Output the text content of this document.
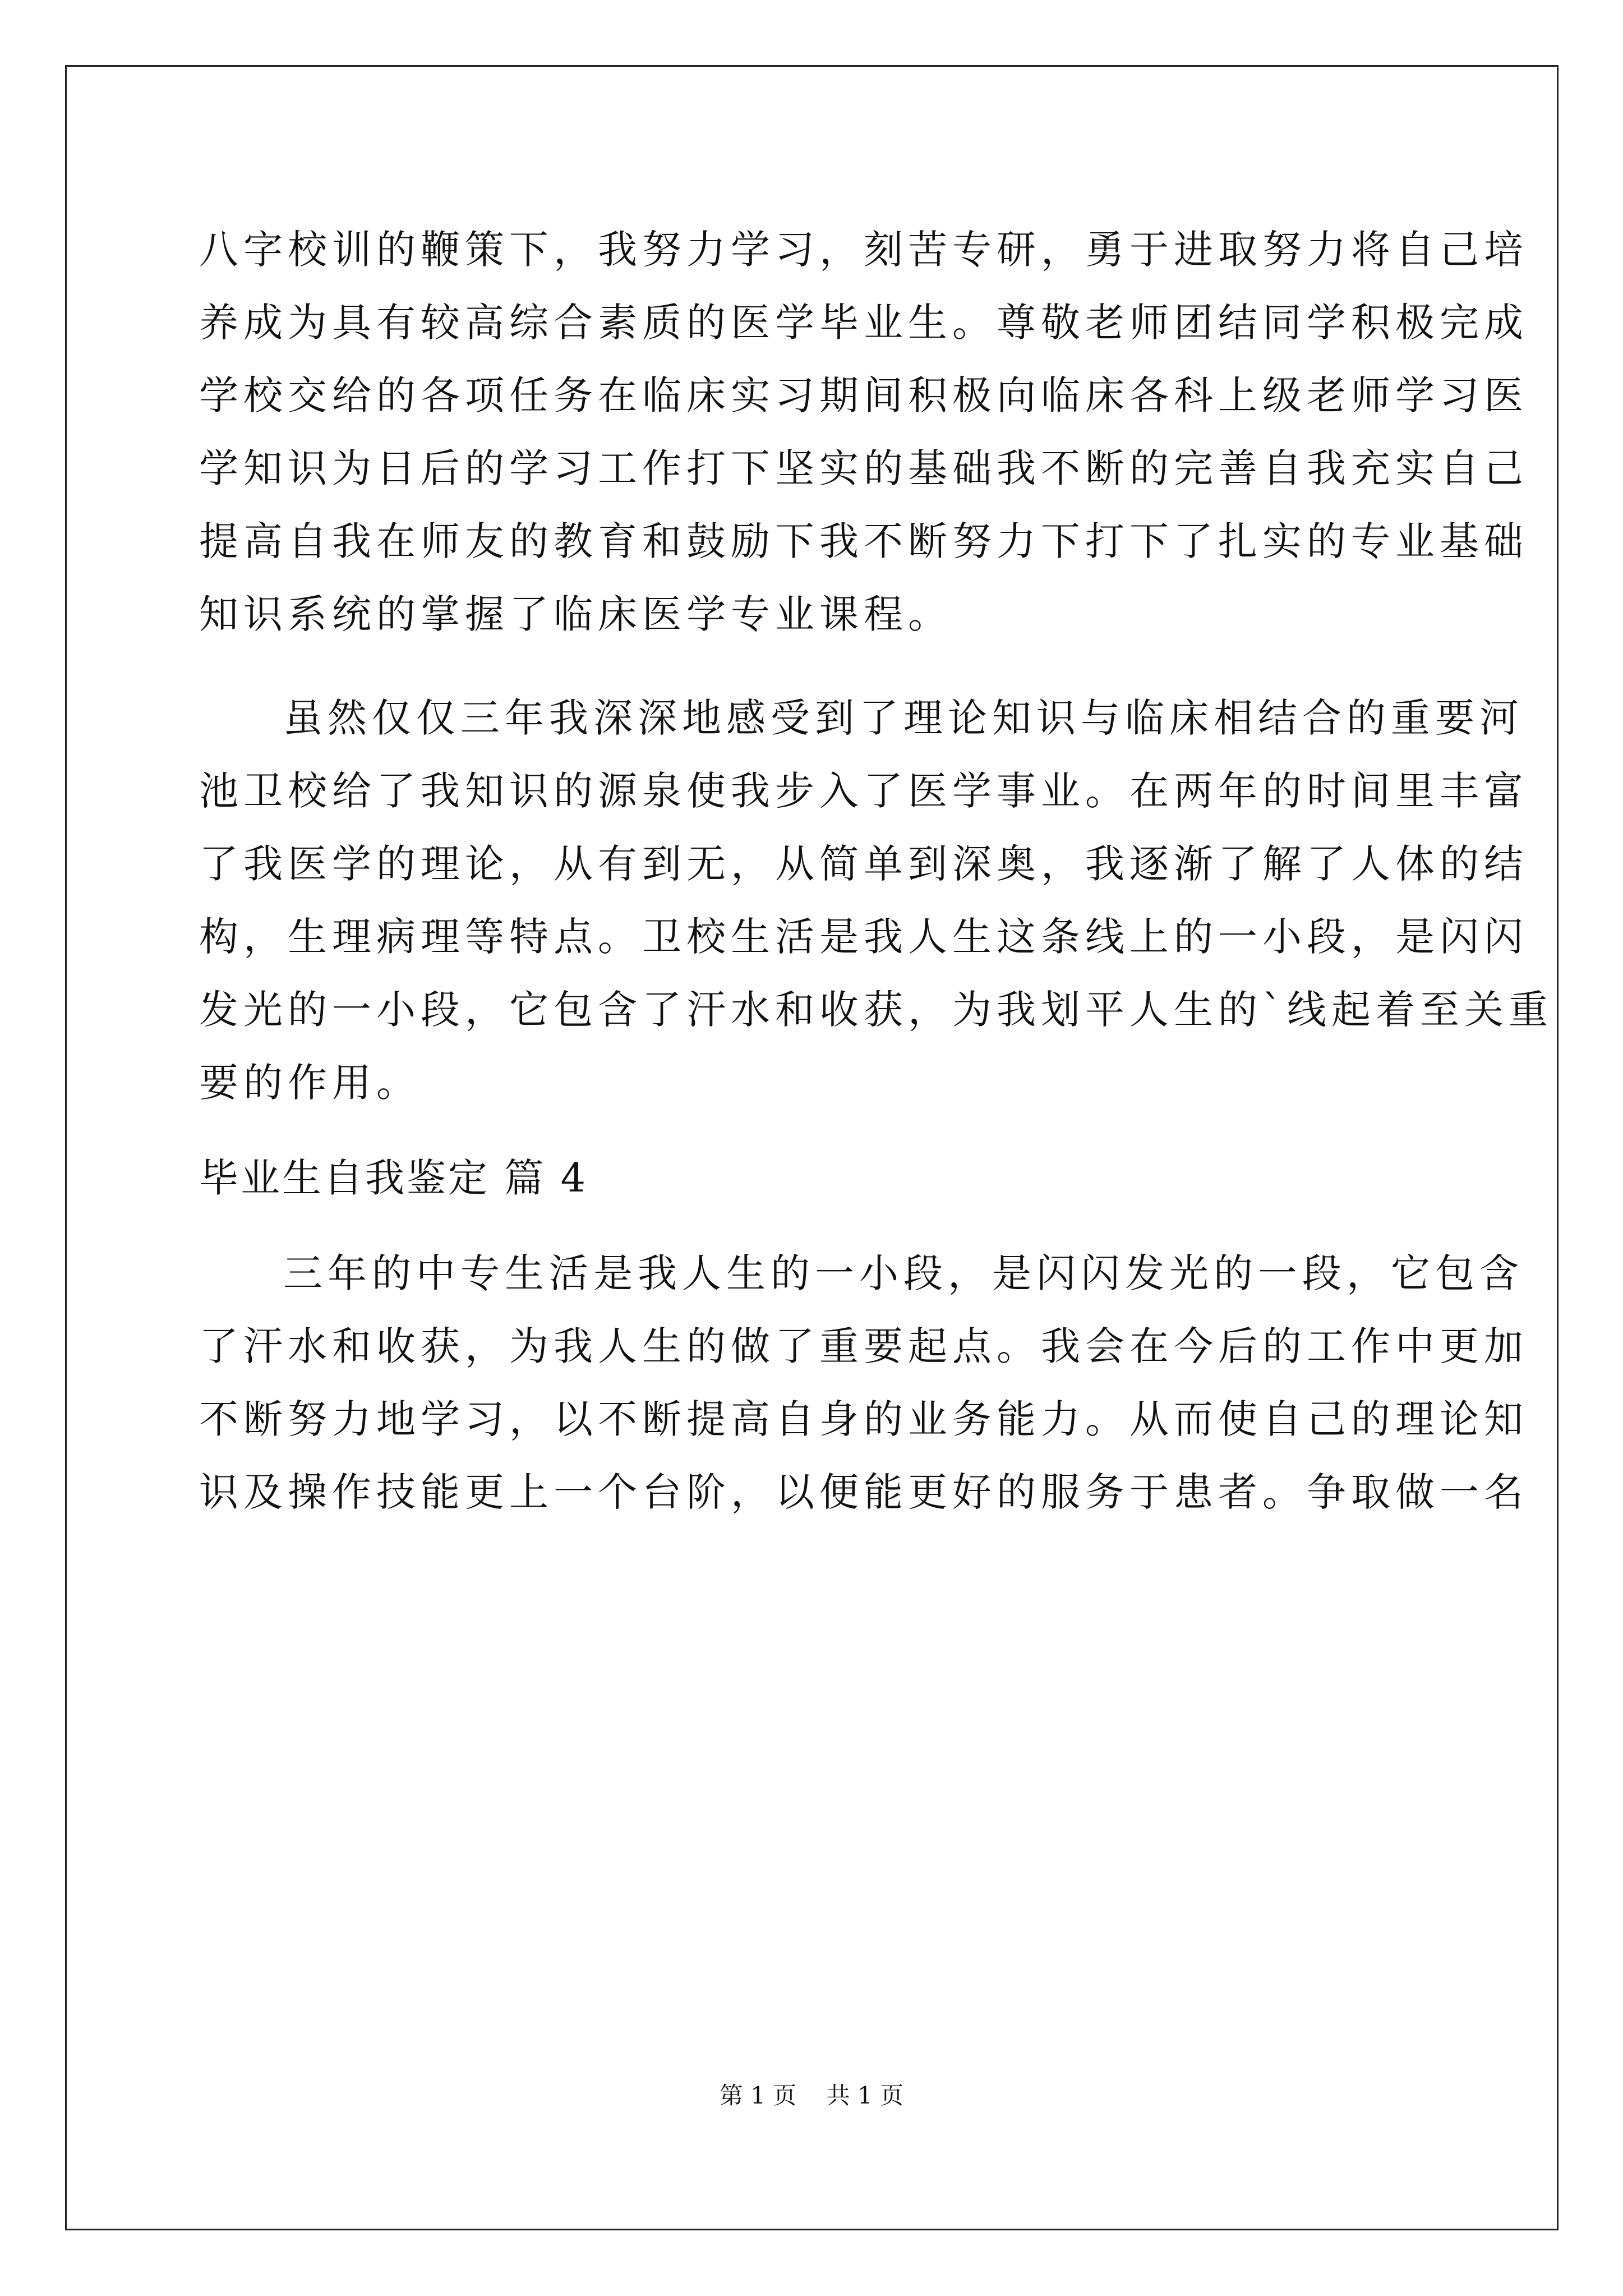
八字校训的鞭策下，我努力学习，刻苦专研，勇于进取努力将自己培
养成为具有较高综合素质的医学毕业生。尊敬老师团结同学积极完成
学校交给的各项任务在临床实习期间积极向临床各科上级老师学习医
学知识为日后的学习工作打下坚实的基础我不断的完善自我充实自己
提高自我在师友的教育和鼓励下我不断努力下打下了扎实的专业基础
知识系统的掌握了临床医学专业课程。
虽然仅仅三年我深深地感受到了理论知识与临床相结合的重要河
池卫校给了我知识的源泉使我步入了医学事业。在两年的时间里丰富
了我医学的理论，从有到无，从简单到深奥，我逐渐了解了人体的结
构，生理病理等特点。卫校生活是我人生这条线上的一小段，是闪闪
发光的一小段，它包含了汗水和收获，为我划平人生的`线起着至关重
要的作用。
三年的中专生活是我人生的一小段，是闪闪发光的一段，它包含
了汗水和收获，为我人生的做了重要起点。我会在今后的工作中更加
不断努力地学习，以不断提高自身的业务能力。从而使自己的理论知
识及操作技能更上一个台阶，以便能更好的服务于患者。争取做一名
毕业生自我鉴定 篇 4
第 1 页    共 1 页
